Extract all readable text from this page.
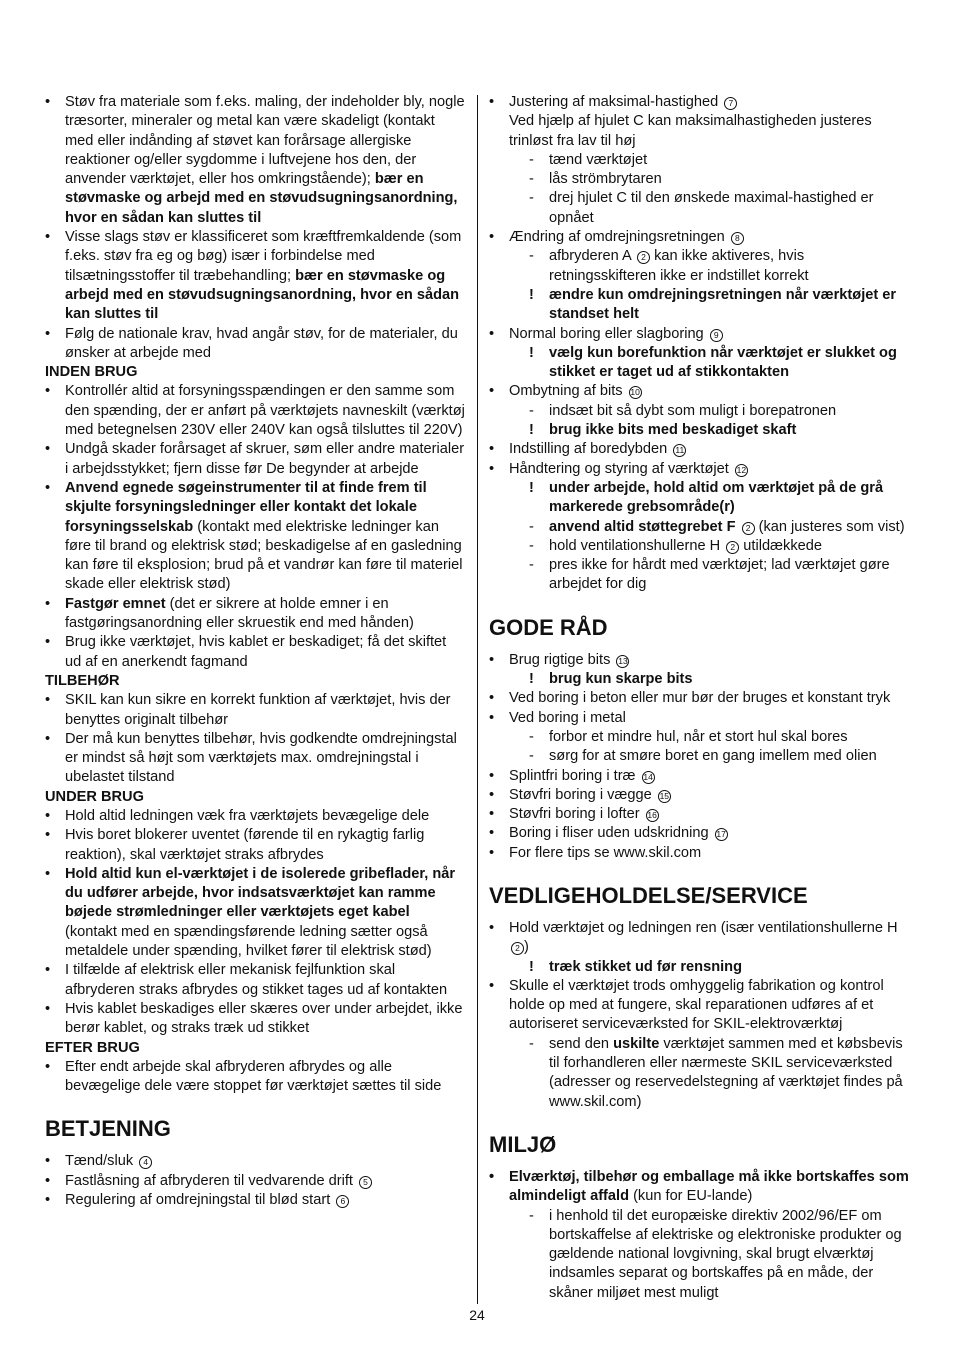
•	Støv fra materiale som f.eks. maling, der indeholder bly, nogle træsorter, mineraler og metal kan være skadeligt (kontakt med eller indånding af støvet kan forårsage allergiske reaktioner og/eller sygdomme i luftvejene hos den, der anvender værktøjet, eller hos omkringstående); bær en støvmaske og arbejd med en støvudsugningsanordning, hvor en sådan kan sluttes til
•	Visse slags støv er klassificeret som kræftfremkaldende (som f.eks. støv fra eg og bøg) især i forbindelse med tilsætningsstoffer til træbehandling; bær en støvmaske og arbejd med en støvudsugningsanordning, hvor en sådan kan sluttes til
•	Følg de nationale krav, hvad angår støv, for de materialer, du ønsker at arbejde med
INDEN BRUG
•	Kontrollér altid at forsyningsspændingen er den samme som den spænding, der er anført på værktøjets navneskilt (værktøj med betegnelsen 230V eller 240V kan også tilsluttes til 220V)
•	Undgå skader forårsaget af skruer, søm eller andre materialer i arbejdsstykket; fjern disse før De begynder at arbejde
•	Anvend egnede søgeinstrumenter til at finde frem til skjulte forsyningsledninger eller kontakt det lokale forsyningsselskab (kontakt med elektriske ledninger kan føre til brand og elektrisk stød; beskadigelse af en gasledning kan føre til eksplosion; brud på et vandrør kan føre til materiel skade eller elektrisk stød)
•	Fastgør emnet (det er sikrere at holde emner i en fastgøringsanordning eller skruestik end med hånden)
•	Brug ikke værktøjet, hvis kablet er beskadiget; få det skiftet ud af en anerkendt fagmand
TILBEHØR
•	SKIL kan kun sikre en korrekt funktion af værktøjet, hvis der benyttes originalt tilbehør
•	Der må kun benyttes tilbehør, hvis godkendte omdrejningstal er mindst så højt som værktøjets max. omdrejningstal i ubelastet tilstand
UNDER BRUG
•	Hold altid ledningen væk fra værktøjets bevægelige dele
•	Hvis boret blokerer uventet (førende til en rykagtig farlig reaktion), skal værktøjet straks afbrydes
•	Hold altid kun el-værktøjet i de isolerede gribeflader, når du udfører arbejde, hvor indsatsværktøjet kan ramme bøjede strømledninger eller værktøjets eget kabel (kontakt med en spændingsførende ledning sætter også metaldele under spænding, hvilket fører til elektrisk stød)
•	I tilfælde af elektrisk eller mekanisk fejlfunktion skal afbryderen straks afbrydes og stikket tages ud af kontakten
•	Hvis kablet beskadiges eller skæres over under arbejdet, ikke berør kablet, og straks træk ud stikket
EFTER BRUG
•	Efter endt arbejde skal afbryderen afbrydes og alle bevægelige dele være stoppet før værktøjet sættes til side
BETJENING
•	Tænd/sluk 4
•	Fastlåsning af afbryderen til vedvarende drift 5
•	Regulering af omdrejningstal til blød start 6
•	Justering af maksimal-hastighed 7
Ved hjælp af hjulet C kan maksimalhastigheden justeres trinløst fra lav til høj
-	tænd værktøjet
-	lås strömbrytaren
-	drej hjulet C til den ønskede maximal-hastighed er opnået
•	Ændring af omdrejningsretningen 8
-	afbryderen A 2 kan ikke aktiveres, hvis retningsskifteren ikke er indstillet korrekt
!	ændre kun omdrejningsretningen når værktøjet er standset helt
•	Normal boring eller slagboring 9
!	vælg kun borefunktion når værktøjet er slukket og stikket er taget ud af stikkontakten
•	Ombytning af bits 10
-	indsæt bit så dybt som muligt i borepatronen
!	brug ikke bits med beskadiget skaft
•	Indstilling af boredybden 11
•	Håndtering og styring af værktøjet 12
!	under arbejde, hold altid om værktøjet på de grå markerede grebsområde(r)
-	anvend altid støttegrebet F 2 (kan justeres som vist)
-	hold ventilationshullerne H 2 utildækkede
-	pres ikke for hårdt med værktøjet; lad værktøjet gøre arbejdet for dig
GODE RÅD
•	Brug rigtige bits 13
!	brug kun skarpe bits
•	Ved boring i beton eller mur bør der bruges et konstant tryk
•	Ved boring i metal
-	forbor et mindre hul, når et stort hul skal bores
-	sørg for at smøre boret en gang imellem med olien
•	Splintfri boring i træ 14
•	Støvfri boring i vægge 15
•	Støvfri boring i lofter 16
•	Boring i fliser uden udskridning 17
•	For flere tips se www.skil.com
VEDLIGEHOLDELSE/SERVICE
•	Hold værktøjet og ledningen ren (især ventilationshullerne H 2 )
!	træk stikket ud før rensning
•	Skulle el værktøjet trods omhyggelig fabrikation og kontrol holde op med at fungere, skal reparationen udføres af et autoriseret serviceværksted for SKIL-elektroværktøj
-	send den uskilte værktøjet sammen med et købsbevis til forhandleren eller nærmeste SKIL serviceværksted (adresser og reservedelstegning af værktøjet findes på www.skil.com)
MILJØ
•	Elværktøj, tilbehør og emballage må ikke bortskaffes som almindeligt affald (kun for EU-lande)
-	i henhold til det europæiske direktiv 2002/96/EF om bortskaffelse af elektriske og elektroniske produkter og gældende national lovgivning, skal brugt elværktøj indsamles separat og bortskaffes på en måde, der skåner miljøet mest muligt
24
